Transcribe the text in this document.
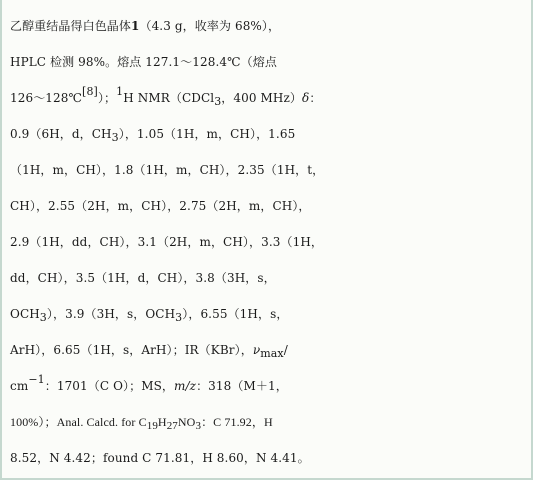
乙醇重结晶得白色晶体1（4.3 g，收率为 68%），
HPLC 检测 98%。熔点 127.1～128.4℃（熔点
126～128℃[8]）；$^1$H NMR（CDCl$_3$，400 MHz）δ：
0.9（6H，d，$CH_3$），1.05（1H，m，CH），1.65
（1H，m，CH），1.8（1H，m，CH），2.35（1H，t，
CH），2.55（2H，m，CH），2.75（2H，m，CH），
2.9（1H，dd，CH），3.1（2H，m，CH），3.3（1H，
dd，CH），3.5（1H，d，CH），3.8（3H，s，
$OCH_3$），3.9（3H，s，$OCH_3$），6.55（1H，s，
ArH），6.65（1H，s，ArH）；IR（KBr），$\nu_{max}/$
$cm^{-1}$：1701（C O）；MS，m/z：318（M＋1，
100%）；Anal. Calcd. for $C_{19}H_{27}NO_3$：C 71.92，H
8.52，N 4.42；found C 71.81，H 8.60，N 4.41。
